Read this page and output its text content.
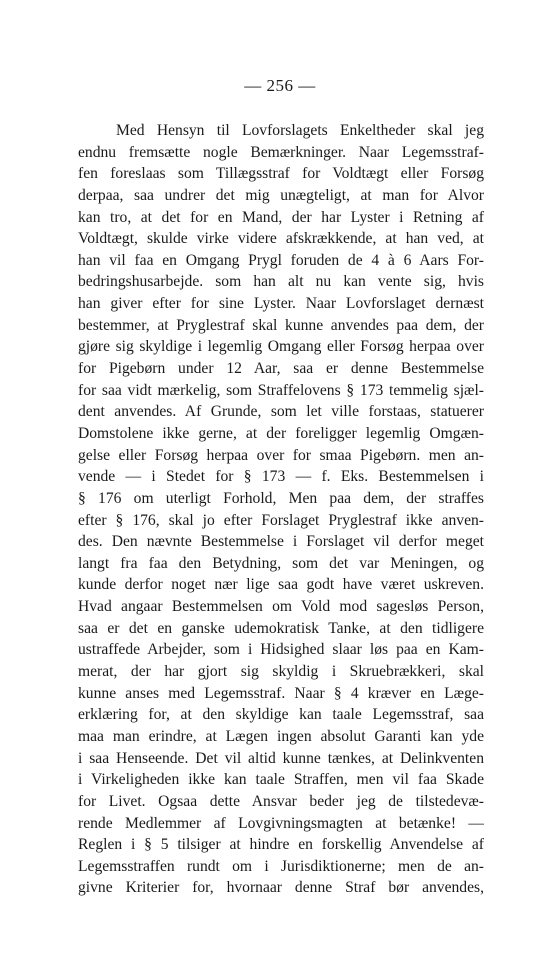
— 256 —
Med Hensyn til Lovforslagets Enkeltheder skal jeg
endnu fremsætte nogle Bemærkninger. Naar Legemsstraf-
fen foreslaas som Tillægsstraf for Voldtægt eller Forsøg
derpaa, saa undrer det mig unægteligt, at man for Alvor
kan tro, at det for en Mand, der har Lyster i Retning af
Voldtægt, skulde virke videre afskrækkende, at han ved, at
han vil faa en Omgang Prygl foruden de 4 à 6 Aars For-
bedringshusarbejde. som han alt nu kan vente sig, hvis
han giver efter for sine Lyster. Naar Lovforslaget dernæst
bestemmer, at Pryglestraf skal kunne anvendes paa dem, der
gjøre sig skyldige i legemlig Omgang eller Forsøg herpaa over
for Pigebørn under 12 Aar, saa er denne Bestemmelse
for saa vidt mærkelig, som Straffelovens § 173 temmelig sjæl-
dent anvendes. Af Grunde, som let ville forstaas, statuerer
Domstolene ikke gerne, at der foreligger legemlig Omgæn-
gelse eller Forsøg herpaa over for smaa Pigebørn. men an-
vende — i Stedet for § 173 — f. Eks. Bestemmelsen i
§ 176 om uterligt Forhold, Men paa dem, der straffes
efter § 176, skal jo efter Forslaget Pryglestraf ikke anven-
des. Den nævnte Bestemmelse i Forslaget vil derfor meget
langt fra faa den Betydning, som det var Meningen, og
kunde derfor noget nær lige saa godt have været uskreven.
Hvad angaar Bestemmelsen om Vold mod sagesløs Person,
saa er det en ganske udemokratisk Tanke, at den tidligere
ustraffede Arbejder, som i Hidsighed slaar løs paa en Kam-
merat, der har gjort sig skyldig i Skruebrækkeri, skal
kunne anses med Legemsstraf. Naar § 4 kræver en Læge-
erklæring for, at den skyldige kan taale Legemsstraf, saa
maa man erindre, at Lægen ingen absolut Garanti kan yde
i saa Henseende. Det vil altid kunne tænkes, at Delinkventen
i Virkeligheden ikke kan taale Straffen, men vil faa Skade
for Livet. Ogsaa dette Ansvar beder jeg de tilstedevæ-
rende Medlemmer af Lovgivningsmagten at betænke! —
Reglen i § 5 tilsiger at hindre en forskellig Anvendelse af
Legemsstraffen rundt om i Jurisdiktionerne; men de an-
givne Kriterier for, hvornaar denne Straf bør anvendes,
